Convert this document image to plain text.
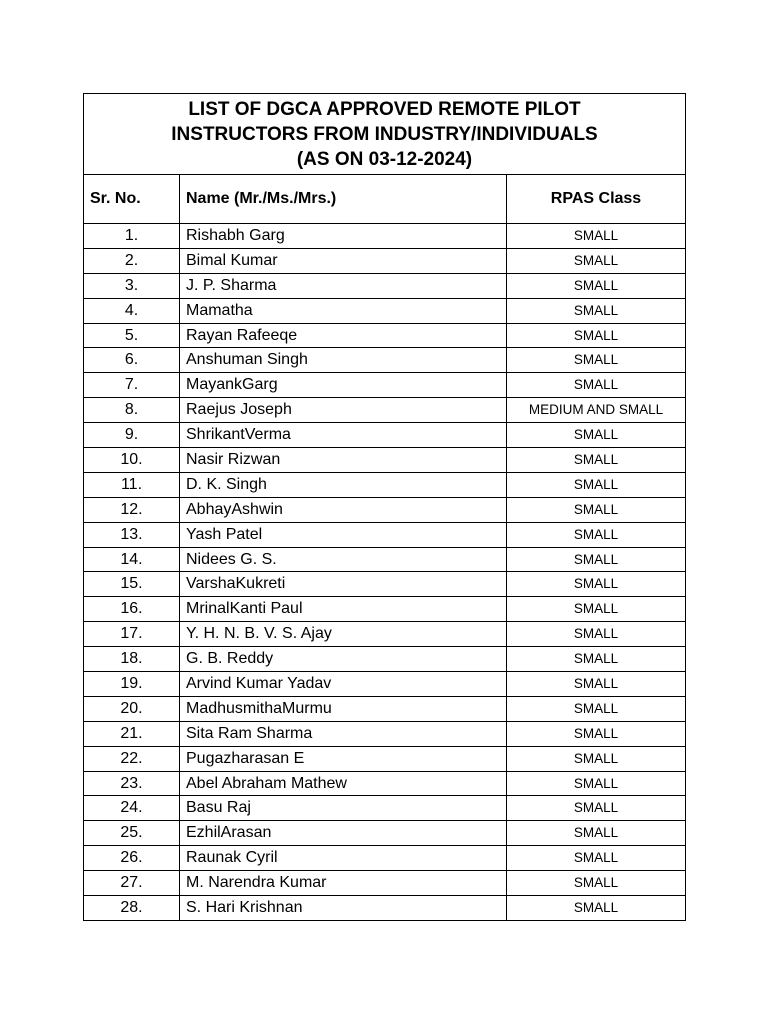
LIST OF DGCA APPROVED REMOTE PILOT
INSTRUCTORS FROM INDUSTRY/INDIVIDUALS
(AS ON 03-12-2024)		

Sr. No.	Name (Mr./Ms./Mrs.)	RPAS Class
1.	Rishabh Garg	SMALL
2.	Bimal Kumar	SMALL
3.	J. P. Sharma	SMALL
4.	Mamatha	SMALL
5.	Rayan Rafeeqe	SMALL
6.	Anshuman Singh	SMALL
7.	MayankGarg	SMALL
8.	Raejus Joseph	MEDIUM AND SMALL
9.	ShrikantVerma	SMALL
10.	Nasir Rizwan	SMALL
11.	D. K. Singh	SMALL
12.	AbhayAshwin	SMALL
13.	Yash Patel	SMALL
14.	Nidees G. S.	SMALL
15.	VarshaKukreti	SMALL
16.	MrinalKanti Paul	SMALL
17.	Y. H. N. B. V. S. Ajay	SMALL
18.	G. B. Reddy	SMALL
19.	Arvind Kumar Yadav	SMALL
20.	MadhusmithaMurmu	SMALL
21.	Sita Ram Sharma	SMALL
22.	Pugazharasan E	SMALL
23.	Abel Abraham Mathew	SMALL
24.	Basu Raj	SMALL
25.	EzhilArasan	SMALL
26.	Raunak Cyril	SMALL
27.	M. Narendra Kumar	SMALL
28.	S. Hari Krishnan	SMALL
